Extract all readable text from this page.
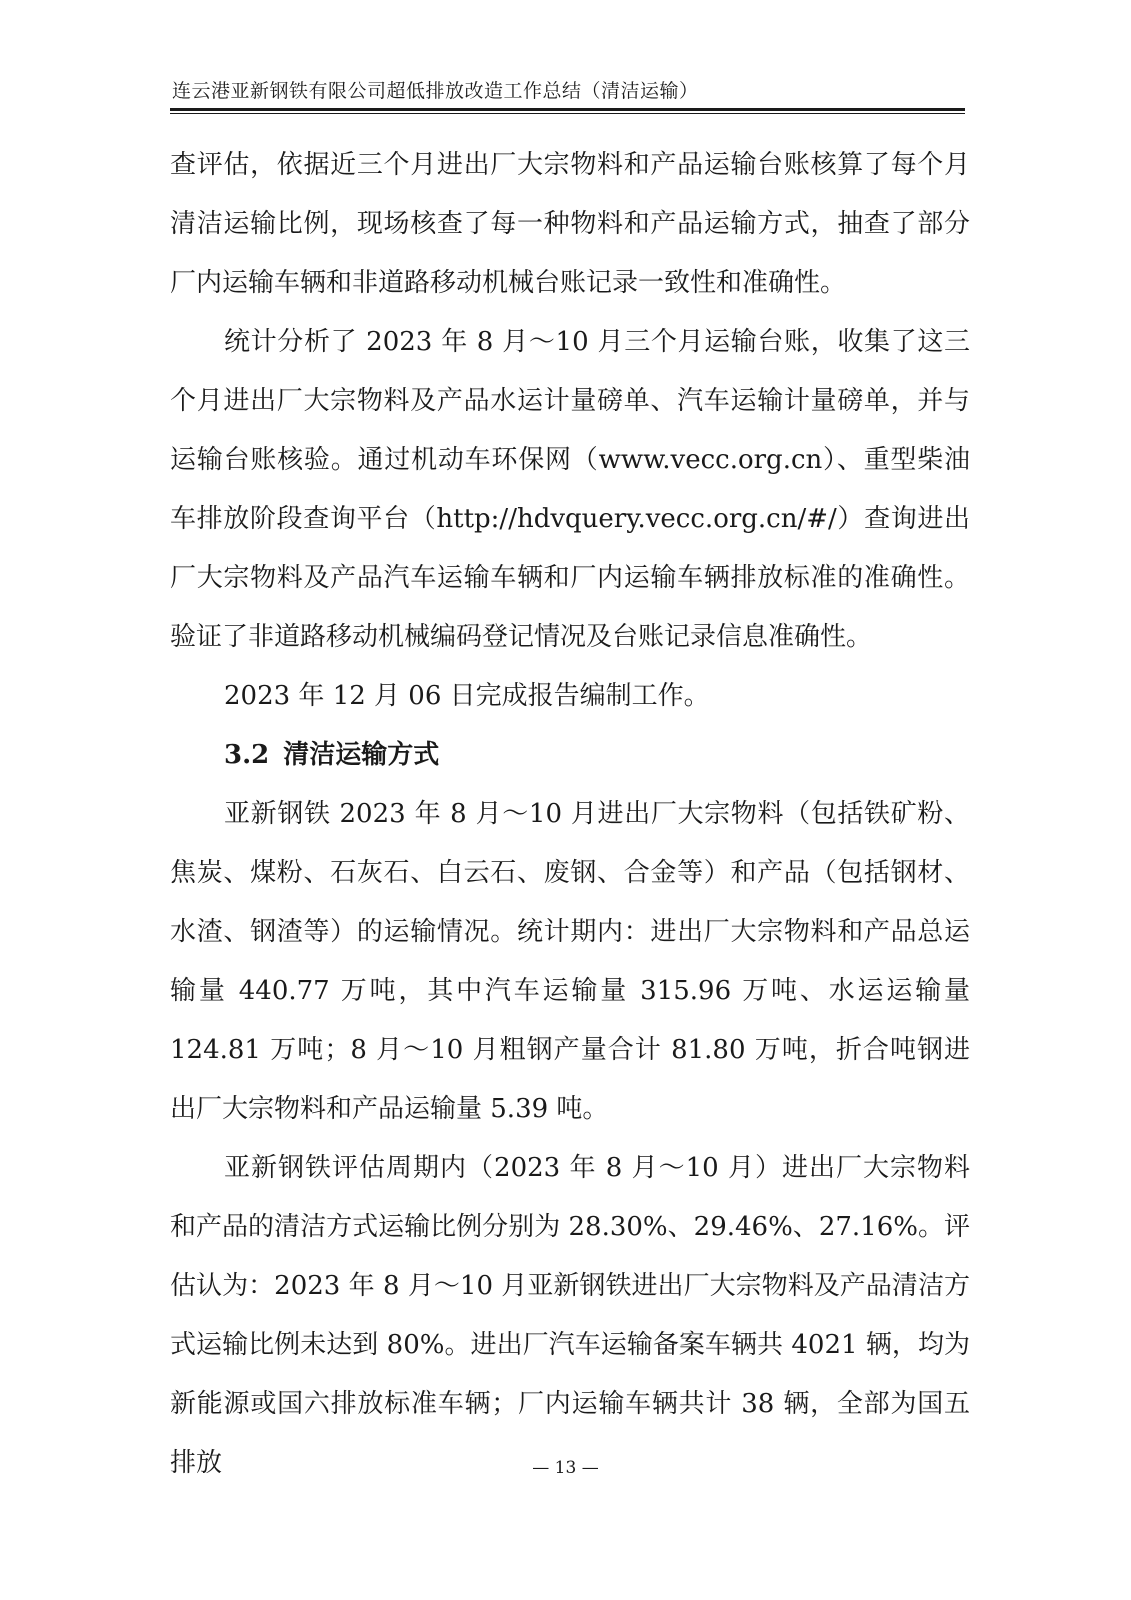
连云港亚新钢铁有限公司超低排放改造工作总结（清洁运输）

查评估，依据近三个月进出厂大宗物料和产品运输台账核算了每个月清洁运输比例，现场核查了每一种物料和产品运输方式，抽查了部分厂内运输车辆和非道路移动机械台账记录一致性和准确性。

统计分析了 2023 年 8 月～10 月三个月运输台账，收集了这三个月进出厂大宗物料及产品水运计量磅单、汽车运输计量磅单，并与运输台账核验。通过机动车环保网（www.vecc.org.cn）、重型柴油车排放阶段查询平台（http://hdvquery.vecc.org.cn/#/）查询进出厂大宗物料及产品汽车运输车辆和厂内运输车辆排放标准的准确性。验证了非道路移动机械编码登记情况及台账记录信息准确性。

2023 年 12 月 06 日完成报告编制工作。

3.2 清洁运输方式

亚新钢铁 2023 年 8 月～10 月进出厂大宗物料（包括铁矿粉、焦炭、煤粉、石灰石、白云石、废钢、合金等）和产品（包括钢材、水渣、钢渣等）的运输情况。统计期内：进出厂大宗物料和产品总运输量 440.77 万吨，其中汽车运输量 315.96 万吨、水运运输量 124.81 万吨；8 月～10 月粗钢产量合计 81.80 万吨，折合吨钢进出厂大宗物料和产品运输量 5.39 吨。

亚新钢铁评估周期内（2023 年 8 月～10 月）进出厂大宗物料和产品的清洁方式运输比例分别为 28.30%、29.46%、27.16%。评估认为：2023 年 8 月～10 月亚新钢铁进出厂大宗物料及产品清洁方式运输比例未达到 80%。进出厂汽车运输备案车辆共 4021 辆，均为新能源或国六排放标准车辆；厂内运输车辆共计 38 辆，全部为国五排放	— 13 —
